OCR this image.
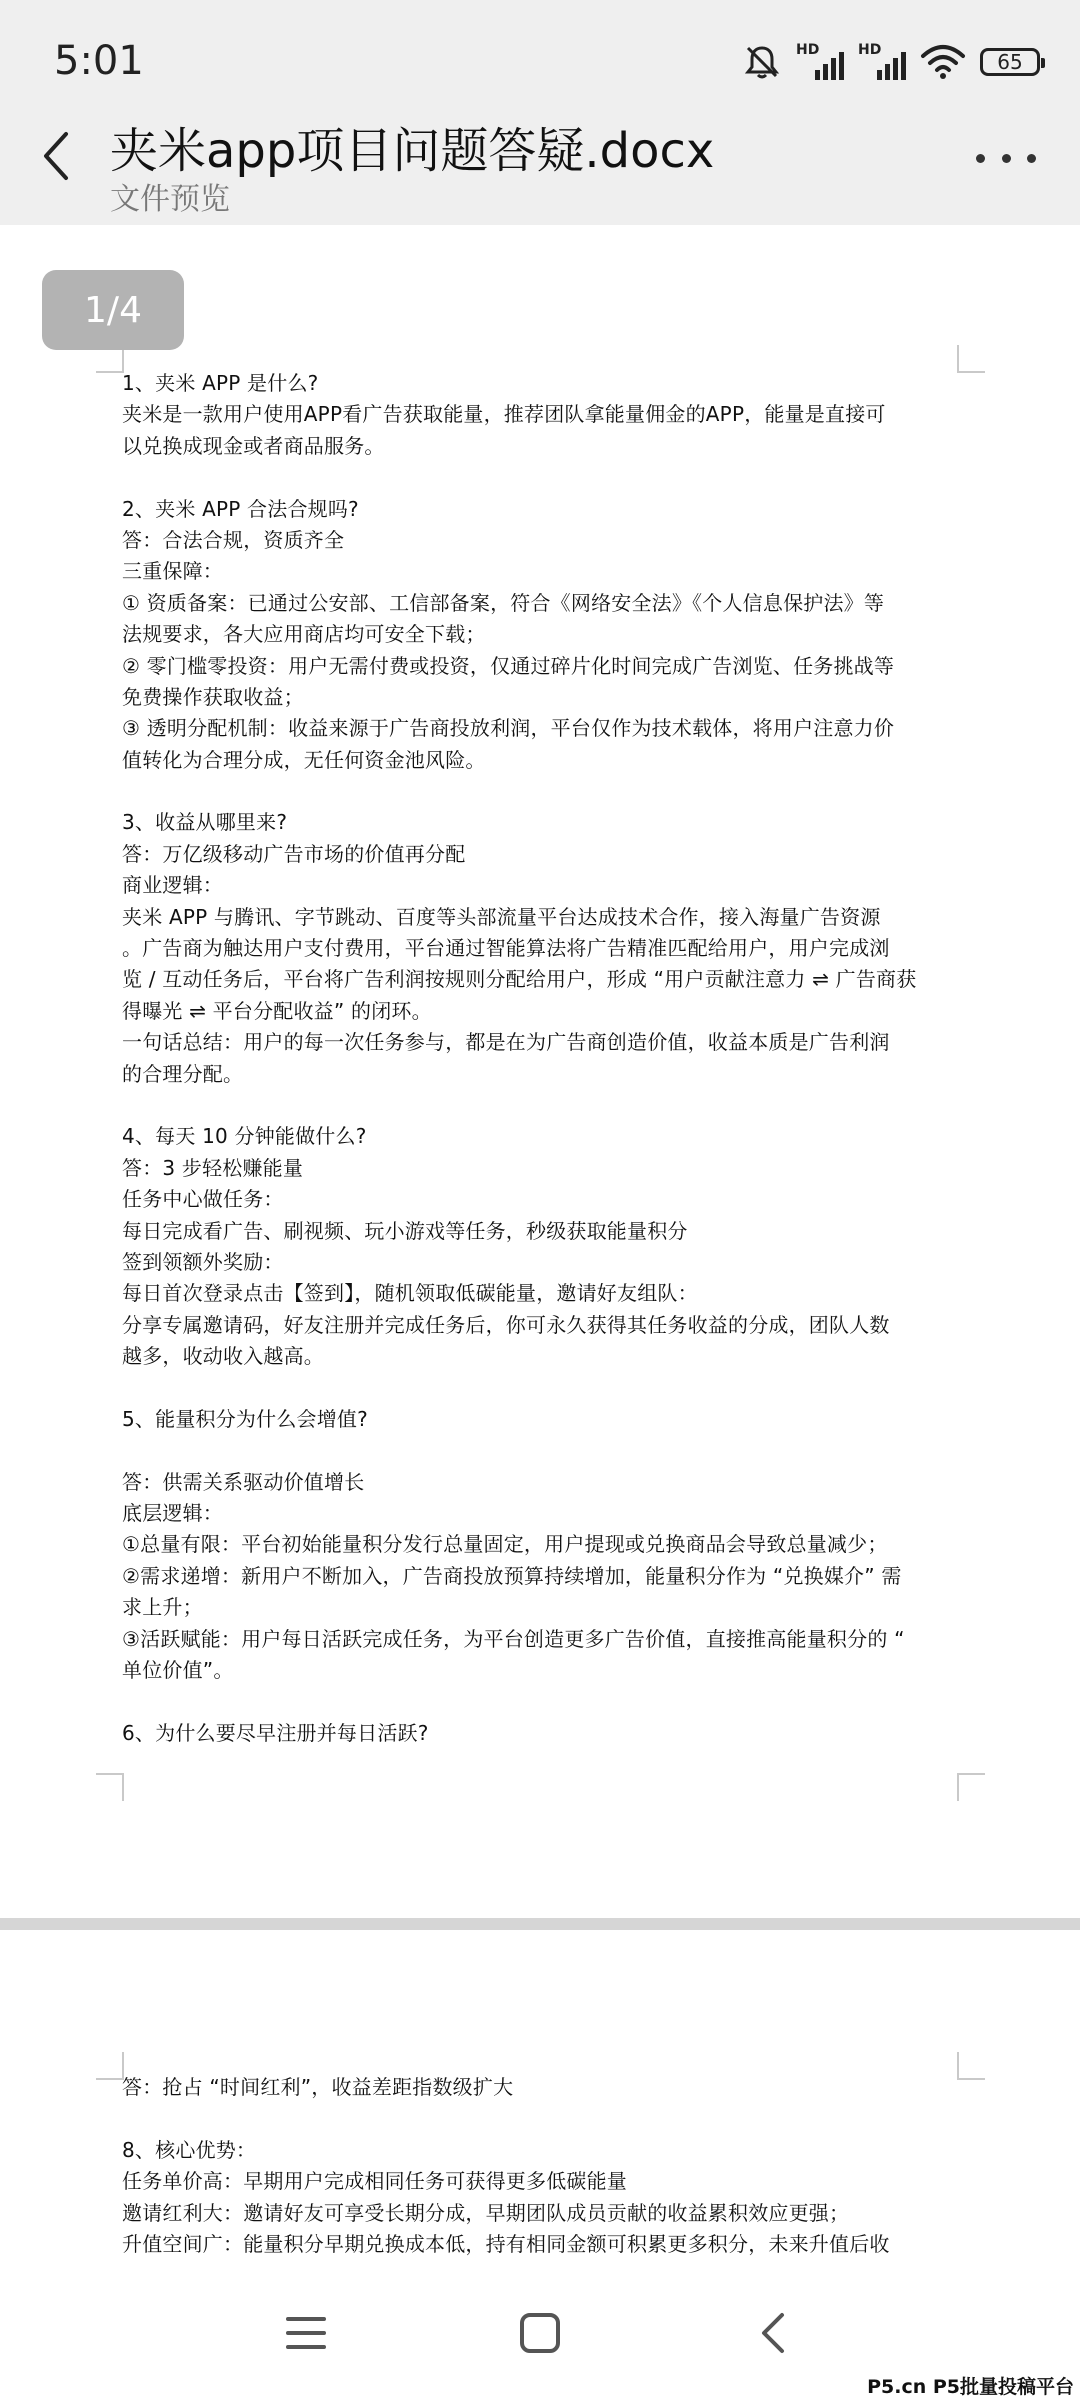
5:01	HD	HD	65
夹米app项目问题答疑.docx
文件预览
1、夹米 APP 是什么?
夹米是一款用户使用APP看广告获取能量，推荐团队拿能量佣金的APP，能量是直接可
以兑换成现金或者商品服务。
2、夹米 APP 合法合规吗?
答：合法合规，资质齐全
三重保障：
① 资质备案：已通过公安部、工信部备案，符合《网络安全法》《个人信息保护法》等
法规要求，各大应用商店均可安全下载；
② 零门槛零投资：用户无需付费或投资，仅通过碎片化时间完成广告浏览、任务挑战等
免费操作获取收益；
③ 透明分配机制：收益来源于广告商投放利润，平台仅作为技术载体，将用户注意力价
值转化为合理分成，无任何资金池风险。
3、收益从哪里来?
答：万亿级移动广告市场的价值再分配
商业逻辑：
夹米 APP 与腾讯、字节跳动、百度等头部流量平台达成技术合作，接入海量广告资源
。广告商为触达用户支付费用，平台通过智能算法将广告精准匹配给用户，用户完成浏
览 / 互动任务后，平台将广告利润按规则分配给用户，形成 “用户贡献注意力 ⇌ 广告商获
得曝光 ⇌ 平台分配收益” 的闭环。
一句话总结：用户的每一次任务参与，都是在为广告商创造价值，收益本质是广告利润
的合理分配。
4、每天 10 分钟能做什么?
答：3 步轻松赚能量
任务中心做任务：
每日完成看广告、刷视频、玩小游戏等任务，秒级获取能量积分
签到领额外奖励：
每日首次登录点击【签到】，随机领取低碳能量，邀请好友组队：
分享专属邀请码，好友注册并完成任务后，你可永久获得其任务收益的分成，团队人数
越多，收动收入越高。
5、能量积分为什么会增值?
答：供需关系驱动价值增长
底层逻辑：
①总量有限：平台初始能量积分发行总量固定，用户提现或兑换商品会导致总量减少；
②需求递增：新用户不断加入，广告商投放预算持续增加，能量积分作为 “兑换媒介” 需
求上升；
③活跃赋能：用户每日活跃完成任务，为平台创造更多广告价值，直接推高能量积分的 “
单位价值”。
6、为什么要尽早注册并每日活跃?
1/4
答：抢占 “时间红利”，收益差距指数级扩大
8、核心优势：
任务单价高：早期用户完成相同任务可获得更多低碳能量
邀请红利大：邀请好友可享受长期分成，早期团队成员贡献的收益累积效应更强；
升值空间广：能量积分早期兑换成本低，持有相同金额可积累更多积分，未来升值后收
P5.cn P5批量投稿平台
